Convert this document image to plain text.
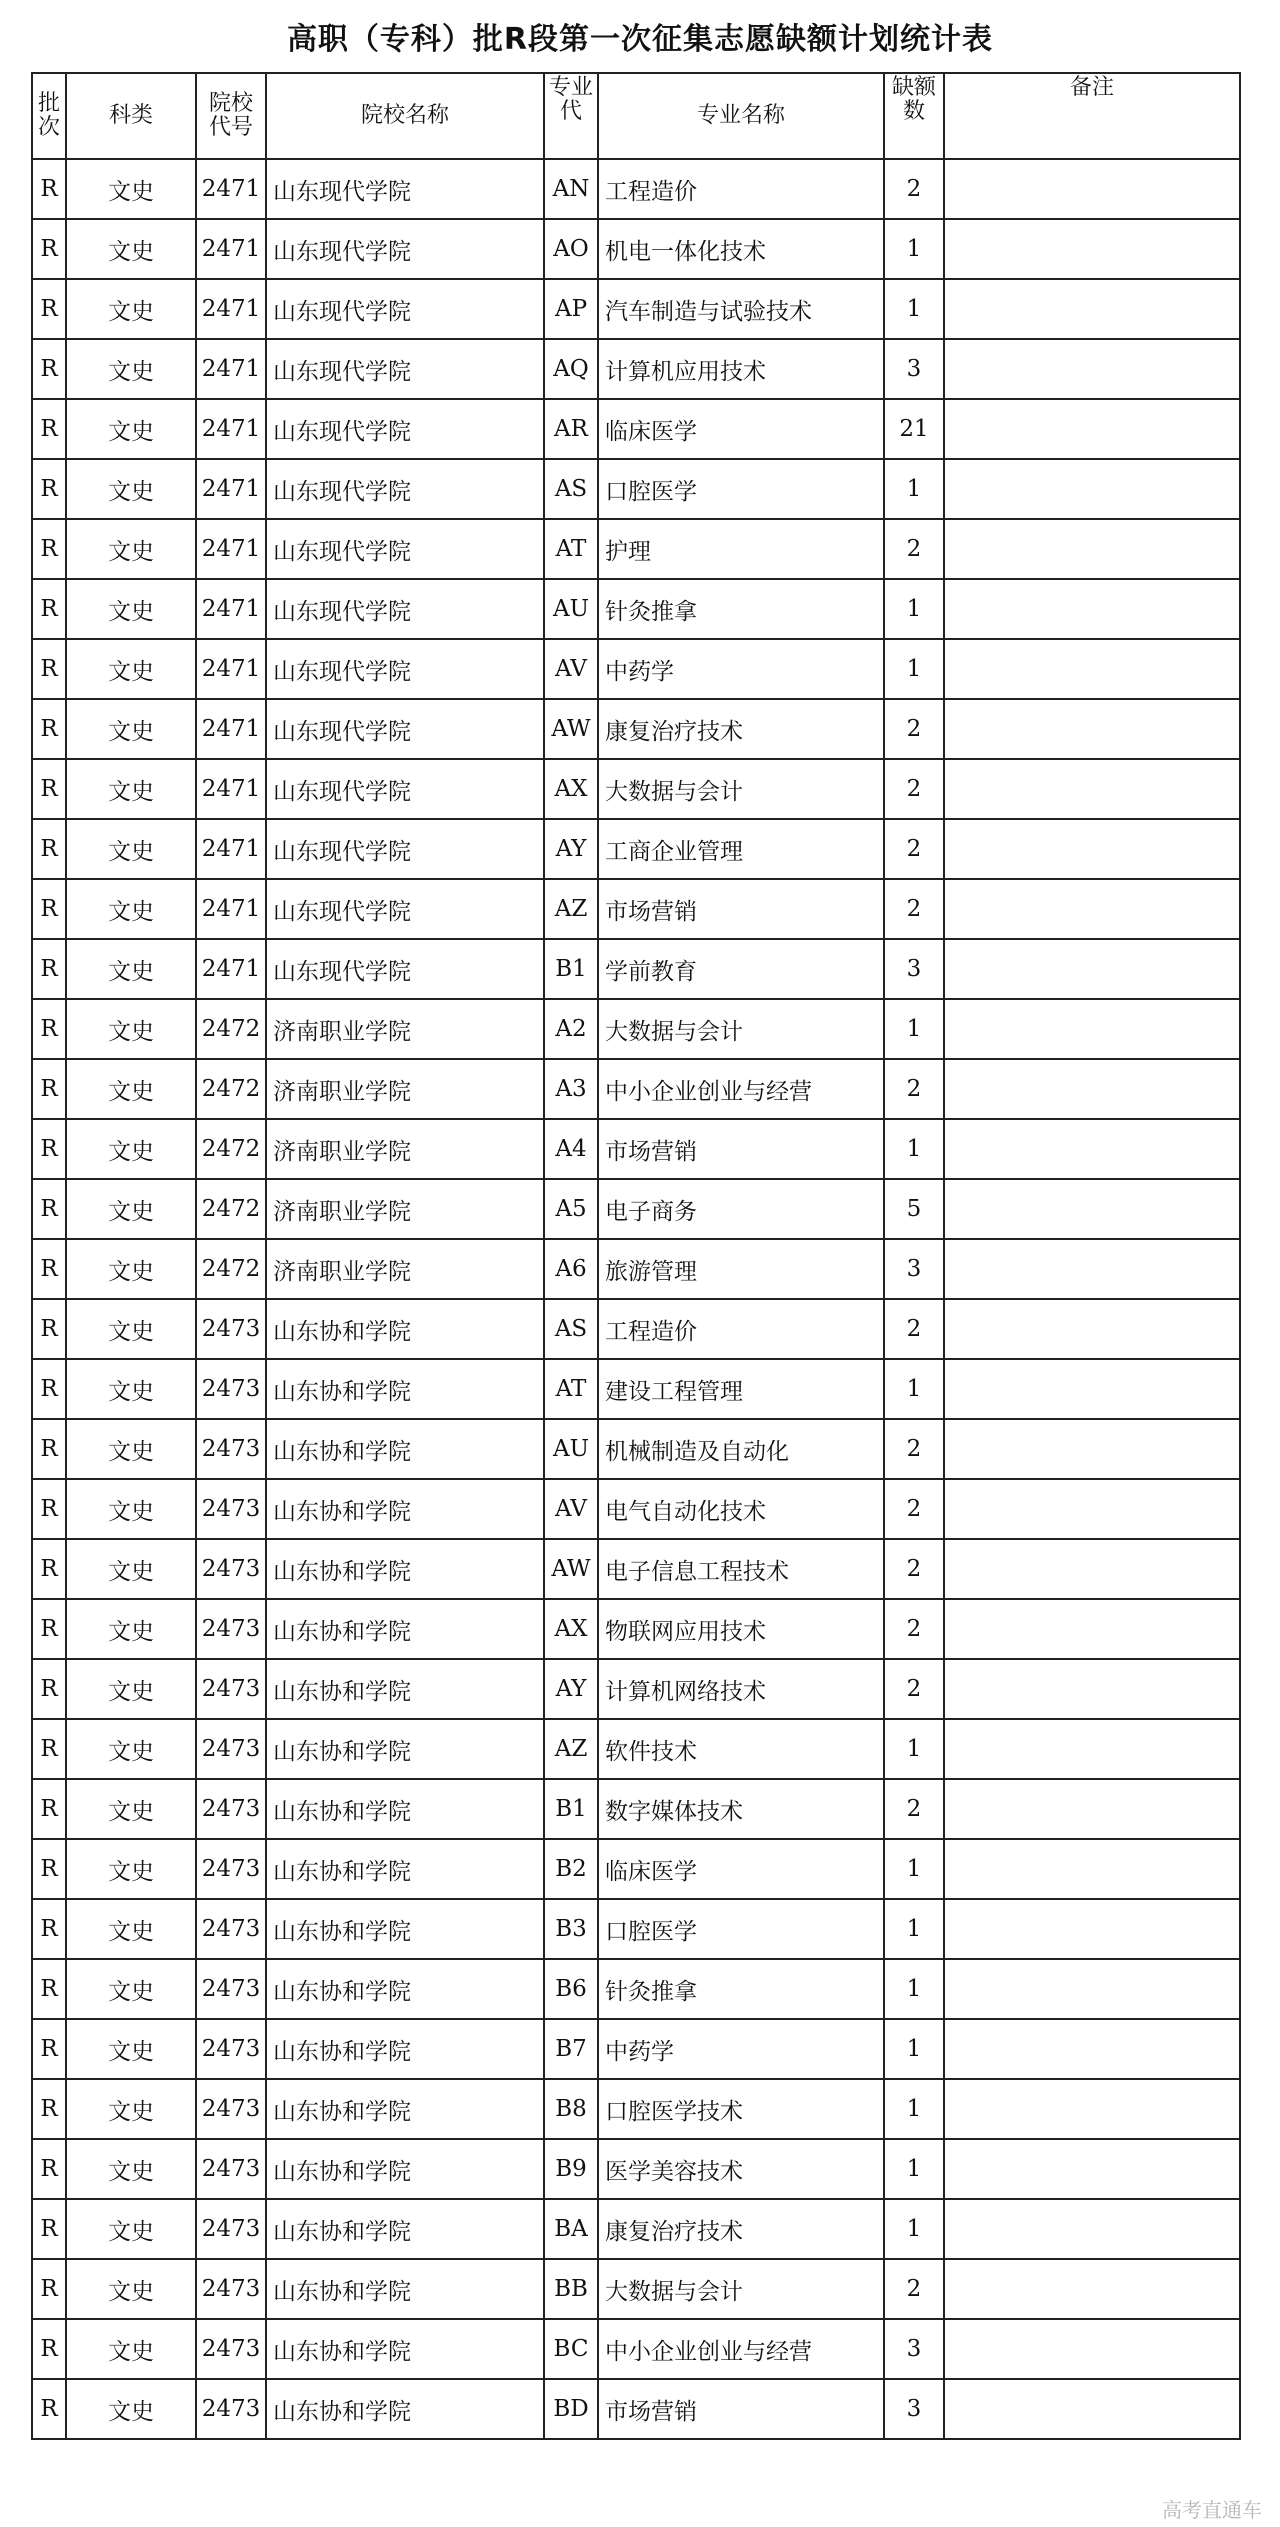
高职（专科）批R段第一次征集志愿缺额计划统计表
批次	科类	院校代号	院校名称	专业代	专业名称	缺额数	备注
R	文史	2471	山东现代学院	AN	工程造价	2	
R	文史	2471	山东现代学院	AO	机电一体化技术	1	
R	文史	2471	山东现代学院	AP	汽车制造与试验技术	1	
R	文史	2471	山东现代学院	AQ	计算机应用技术	3	
R	文史	2471	山东现代学院	AR	临床医学	21	
R	文史	2471	山东现代学院	AS	口腔医学	1	
R	文史	2471	山东现代学院	AT	护理	2	
R	文史	2471	山东现代学院	AU	针灸推拿	1	
R	文史	2471	山东现代学院	AV	中药学	1	
R	文史	2471	山东现代学院	AW	康复治疗技术	2	
R	文史	2471	山东现代学院	AX	大数据与会计	2	
R	文史	2471	山东现代学院	AY	工商企业管理	2	
R	文史	2471	山东现代学院	AZ	市场营销	2	
R	文史	2471	山东现代学院	B1	学前教育	3	
R	文史	2472	济南职业学院	A2	大数据与会计	1	
R	文史	2472	济南职业学院	A3	中小企业创业与经营	2	
R	文史	2472	济南职业学院	A4	市场营销	1	
R	文史	2472	济南职业学院	A5	电子商务	5	
R	文史	2472	济南职业学院	A6	旅游管理	3	
R	文史	2473	山东协和学院	AS	工程造价	2	
R	文史	2473	山东协和学院	AT	建设工程管理	1	
R	文史	2473	山东协和学院	AU	机械制造及自动化	2	
R	文史	2473	山东协和学院	AV	电气自动化技术	2	
R	文史	2473	山东协和学院	AW	电子信息工程技术	2	
R	文史	2473	山东协和学院	AX	物联网应用技术	2	
R	文史	2473	山东协和学院	AY	计算机网络技术	2	
R	文史	2473	山东协和学院	AZ	软件技术	1	
R	文史	2473	山东协和学院	B1	数字媒体技术	2	
R	文史	2473	山东协和学院	B2	临床医学	1	
R	文史	2473	山东协和学院	B3	口腔医学	1	
R	文史	2473	山东协和学院	B6	针灸推拿	1	
R	文史	2473	山东协和学院	B7	中药学	1	
R	文史	2473	山东协和学院	B8	口腔医学技术	1	
R	文史	2473	山东协和学院	B9	医学美容技术	1	
R	文史	2473	山东协和学院	BA	康复治疗技术	1	
R	文史	2473	山东协和学院	BB	大数据与会计	2	
R	文史	2473	山东协和学院	BC	中小企业创业与经营	3	
R	文史	2473	山东协和学院	BD	市场营销	3	
高考直通车
